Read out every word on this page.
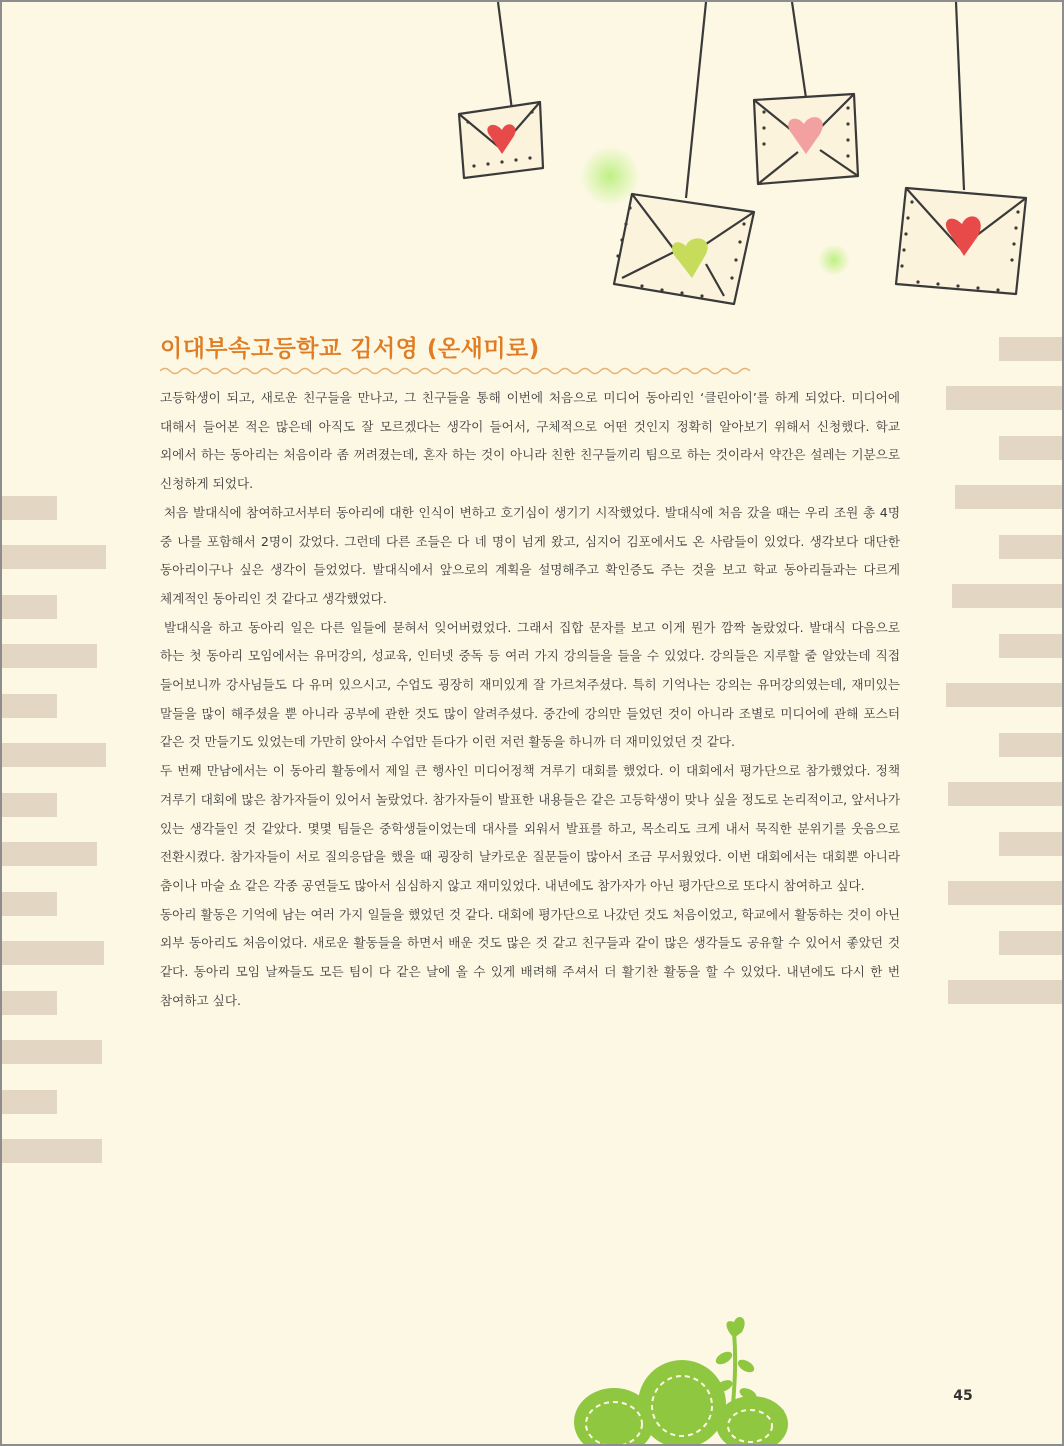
이대부속고등학교 김서영 (온새미로)

고등학생이 되고, 새로운 친구들을 만나고, 그 친구들을 통해 이번에 처음으로 미디어 동아리인 ‘클린아이’를 하게 되었다. 미디어에 대해서 들어본 적은 많은데 아직도 잘 모르겠다는 생각이 들어서, 구체적으로 어떤 것인지 정확히 알아보기 위해서 신청했다. 학교 외에서 하는 동아리는 처음이라 좀 꺼려졌는데, 혼자 하는 것이 아니라 친한 친구들끼리 팀으로 하는 것이라서 약간은 설레는 기분으로 신청하게 되었다.

처음 발대식에 참여하고서부터 동아리에 대한 인식이 변하고 호기심이 생기기 시작했었다. 발대식에 처음 갔을 때는 우리 조원 총 4명 중 나를 포함해서 2명이 갔었다. 그런데 다른 조들은 다 네 명이 넘게 왔고, 심지어 김포에서도 온 사람들이 있었다. 생각보다 대단한 동아리이구나 싶은 생각이 들었었다. 발대식에서 앞으로의 계획을 설명해주고 확인증도 주는 것을 보고 학교 동아리들과는 다르게 체계적인 동아리인 것 같다고 생각했었다.

발대식을 하고 동아리 일은 다른 일들에 묻혀서 잊어버렸었다. 그래서 집합 문자를 보고 이게 뭔가 깜짝 놀랐었다. 발대식 다음으로 하는 첫 동아리 모임에서는 유머강의, 성교육, 인터넷 중독 등 여러 가지 강의들을 들을 수 있었다. 강의들은 지루할 줄 알았는데 직접 들어보니까 강사님들도 다 유머 있으시고, 수업도 굉장히 재미있게 잘 가르쳐주셨다. 특히 기억나는 강의는 유머강의였는데, 재미있는 말들을 많이 해주셨을 뿐 아니라 공부에 관한 것도 많이 알려주셨다. 중간에 강의만 들었던 것이 아니라 조별로 미디어에 관해 포스터 같은 것 만들기도 있었는데 가만히 앉아서 수업만 듣다가 이런 저런 활동을 하니까 더 재미있었던 것 같다.

두 번째 만남에서는 이 동아리 활동에서 제일 큰 행사인 미디어정책 겨루기 대회를 했었다. 이 대회에서 평가단으로 참가했었다. 정책 겨루기 대회에 많은 참가자들이 있어서 놀랐었다. 참가자들이 발표한 내용들은 같은 고등학생이 맞나 싶을 정도로 논리적이고, 앞서나가 있는 생각들인 것 같았다. 몇몇 팀들은 중학생들이었는데 대사를 외워서 발표를 하고, 목소리도 크게 내서 묵직한 분위기를 웃음으로 전환시켰다. 참가자들이 서로 질의응답을 했을 때 굉장히 날카로운 질문들이 많아서 조금 무서웠었다. 이번 대회에서는 대회뿐 아니라 춤이나 마술 쇼 같은 각종 공연들도 많아서 심심하지 않고 재미있었다. 내년에도 참가자가 아닌 평가단으로 또다시 참여하고 싶다.

동아리 활동은 기억에 남는 여러 가지 일들을 했었던 것 같다. 대회에 평가단으로 나갔던 것도 처음이었고, 학교에서 활동하는 것이 아닌 외부 동아리도 처음이었다. 새로운 활동들을 하면서 배운 것도 많은 것 같고 친구들과 같이 많은 생각들도 공유할 수 있어서 좋았던 것 같다. 동아리 모임 날짜들도 모든 팀이 다 같은 날에 올 수 있게 배려해 주셔서 더 활기찬 활동을 할 수 있었다. 내년에도 다시 한 번 참여하고 싶다.

45
